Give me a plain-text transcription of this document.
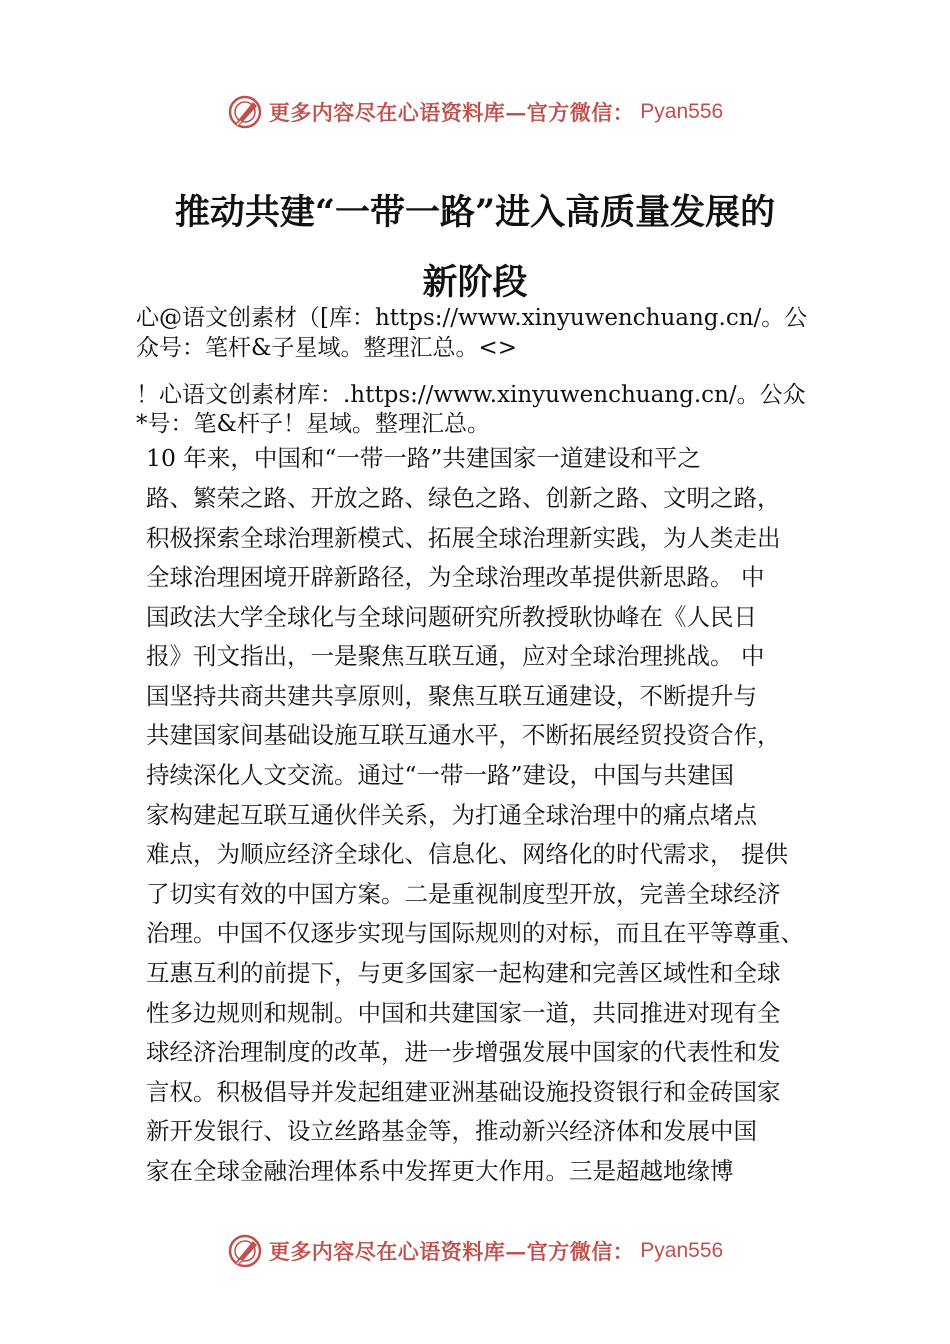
更多内容尽在心语资料库—官方微信： Pyan556
推动共建“一带一路”进入高质量发展的
新阶段
心@语文创素材（[库：https://www.xinyuwenchuang.cn/。公
众号：笔杆&子星域。整理汇总。<>
！心语文创素材库：.https://www.xinyuwenchuang.cn/。公众
*号：笔&杆子！星域。整理汇总。
10 年来，中国和“一带一路”共建国家一道建设和平之
路、繁荣之路、开放之路、绿色之路、创新之路、文明之路，
积极探索全球治理新模式、拓展全球治理新实践，为人类走出
全球治理困境开辟新路径，为全球治理改革提供新思路。 中
国政法大学全球化与全球问题研究所教授耿协峰在《人民日
报》刊文指出，一是聚焦互联互通，应对全球治理挑战。 中
国坚持共商共建共享原则，聚焦互联互通建设，不断提升与
共建国家间基础设施互联互通水平，不断拓展经贸投资合作，
持续深化人文交流。通过“一带一路”建设，中国与共建国
家构建起互联互通伙伴关系，为打通全球治理中的痛点堵点
难点，为顺应经济全球化、信息化、网络化的时代需求， 提供
了切实有效的中国方案。二是重视制度型开放，完善全球经济
治理。中国不仅逐步实现与国际规则的对标，而且在平等尊重、
互惠互利的前提下，与更多国家一起构建和完善区域性和全球
性多边规则和规制。中国和共建国家一道，共同推进对现有全
球经济治理制度的改革，进一步增强发展中国家的代表性和发
言权。积极倡导并发起组建亚洲基础设施投资银行和金砖国家
新开发银行、设立丝路基金等，推动新兴经济体和发展中国
家在全球金融治理体系中发挥更大作用。三是超越地缘博
更多内容尽在心语资料库—官方微信： Pyan556
